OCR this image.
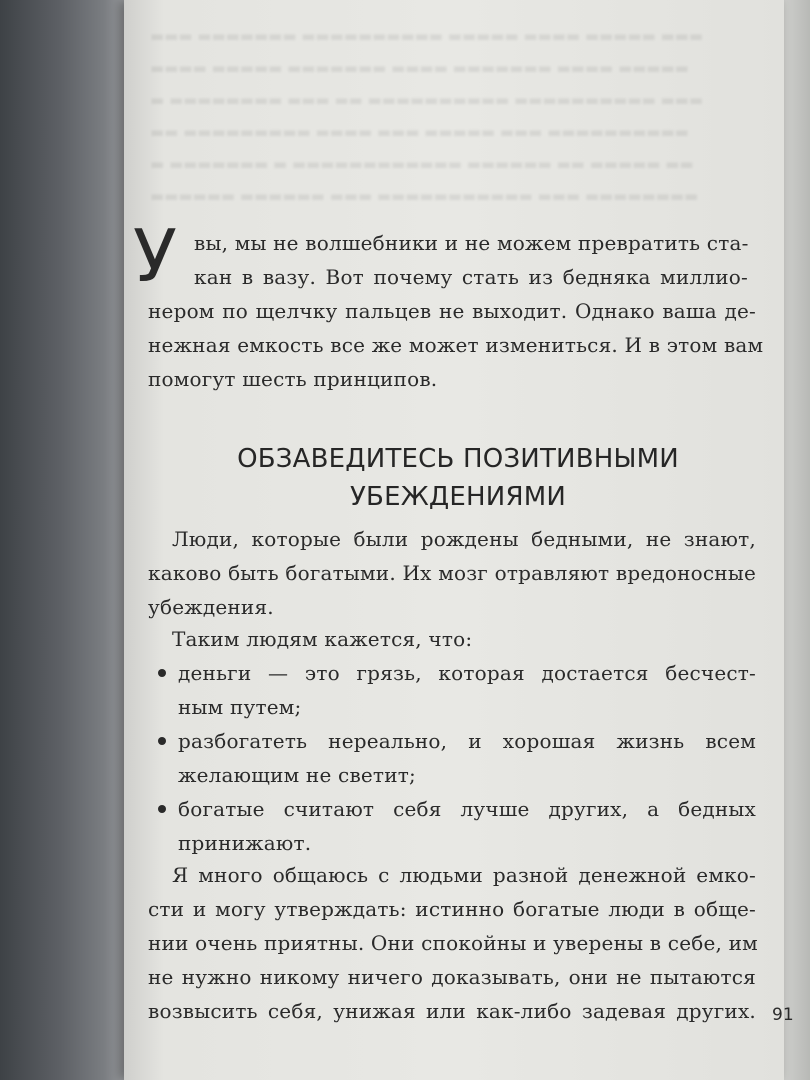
▬▬▬ ▬▬▬▬▬▬▬ ▬▬▬▬▬▬▬▬▬▬ ▬▬▬▬▬ ▬▬▬▬ ▬▬▬▬▬ ▬▬▬
▬▬▬▬ ▬▬▬▬▬ ▬▬▬▬▬▬▬ ▬▬▬▬ ▬▬▬▬▬▬▬ ▬▬▬▬ ▬▬▬▬▬
▬ ▬▬▬▬▬▬▬▬ ▬▬▬ ▬▬ ▬▬▬▬▬▬▬▬▬▬ ▬▬▬▬▬▬▬▬▬▬ ▬▬▬
▬▬ ▬▬▬▬▬▬▬▬▬ ▬▬▬▬ ▬▬▬ ▬▬▬▬▬ ▬▬▬ ▬▬▬▬▬▬▬▬▬▬
▬ ▬▬▬▬▬▬▬ ▬ ▬▬▬▬▬▬▬▬▬▬▬▬ ▬▬▬▬▬▬ ▬▬ ▬▬▬▬▬ ▬▬
▬▬▬▬▬▬ ▬▬▬▬▬▬ ▬▬▬ ▬▬▬▬▬▬▬▬▬▬▬ ▬▬▬ ▬▬▬▬▬▬▬▬
У вы, мы не волшебники и не можем превратить ста-
кан в вазу. Вот почему стать из бедняка миллио-
нером по щелчку пальцев не выходит. Однако ваша де-
нежная емкость все же может измениться. И в этом вам
помогут шесть принципов.
ОБЗАВЕДИТЕСЬ ПОЗИТИВНЫМИ
УБЕЖДЕНИЯМИ
Люди, которые были рождены бедными, не знают,
каково быть богатыми. Их мозг отравляют вредоносные
убеждения.
Таким людям кажется, что:
деньги — это грязь, которая достается бесчест-
ным путем;
разбогатеть нереально, и хорошая жизнь всем
желающим не светит;
богатые считают себя лучше других, а бедных
принижают.
Я много общаюсь с людьми разной денежной емко-
сти и могу утверждать: истинно богатые люди в обще-
нии очень приятны. Они спокойны и уверены в себе, им
не нужно никому ничего доказывать, они не пытаются
возвысить себя, унижая или как-либо задевая других. 91
